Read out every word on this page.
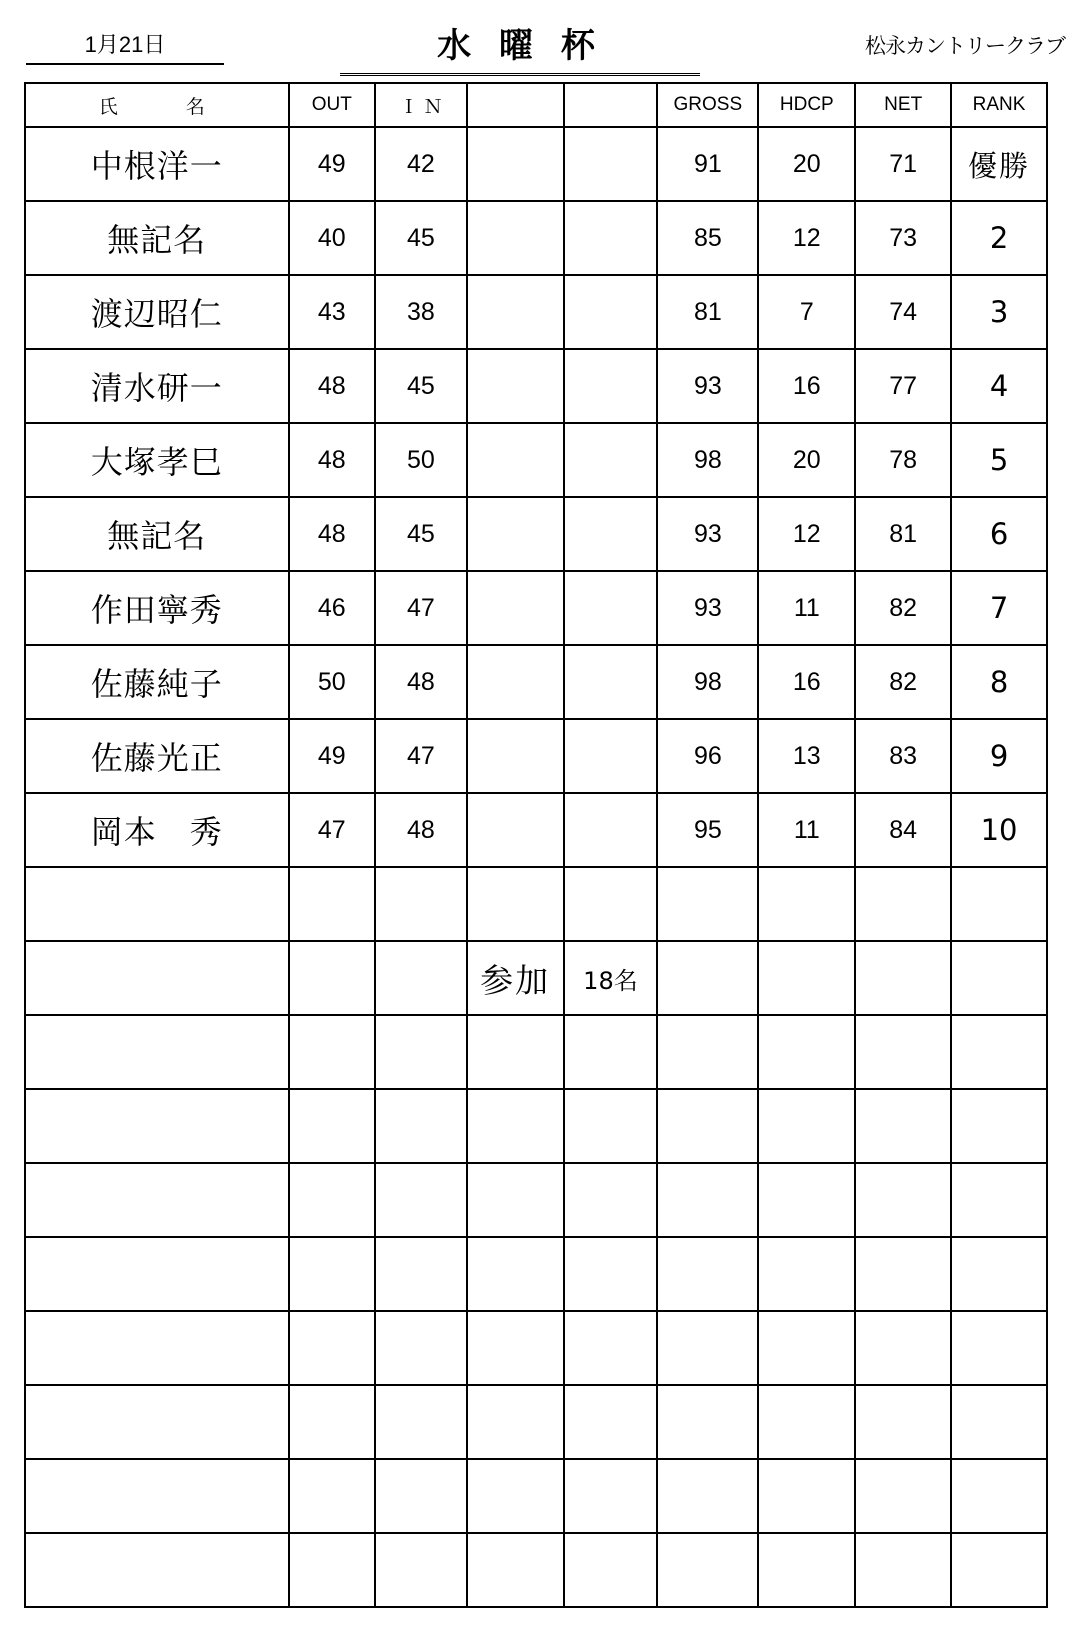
1月21日	水 曜 杯	松永カントリークラブ
氏　　名	OUT	Ｉ Ｎ			GROSS	HDCP	NET	RANK
中根洋一	49	42			91	20	71	優勝
無記名	40	45			85	12	73	2
渡辺昭仁	43	38			81	7	74	3
清水研一	48	45			93	16	77	4
大塚孝巳	48	50			98	20	78	5
無記名	48	45			93	12	81	6
作田寧秀	46	47			93	11	82	7
佐藤純子	50	48			98	16	82	8
佐藤光正	49	47			96	13	83	9
岡本　秀	47	48			95	11	84	10

			参加	18名				
